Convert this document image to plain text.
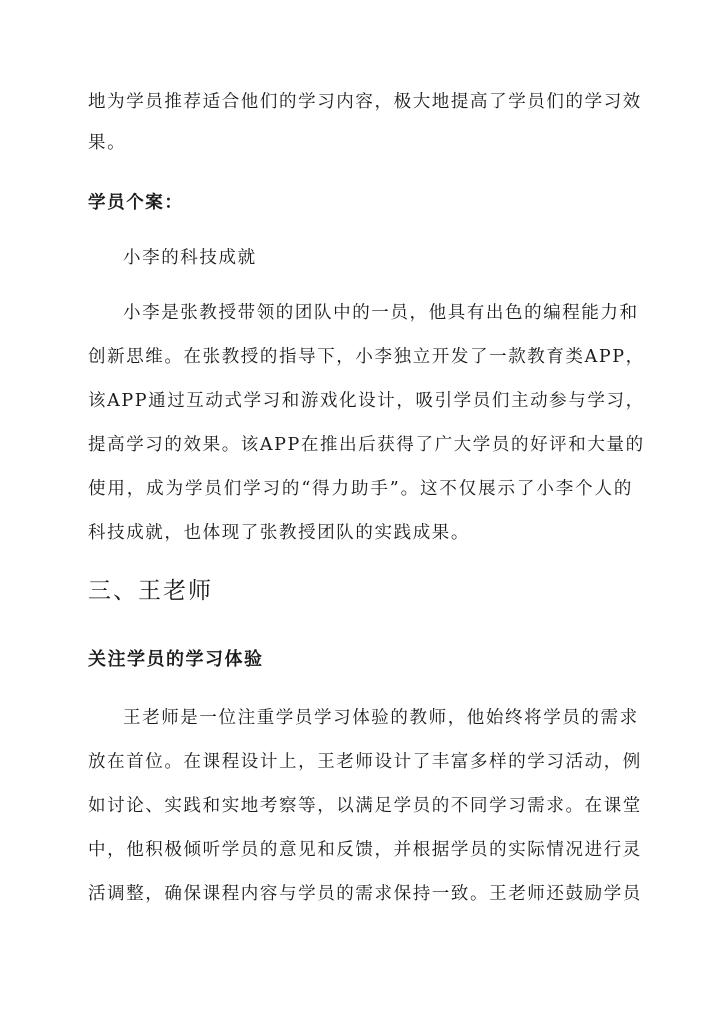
地为学员推荐适合他们的学习内容，极大地提高了学员们的学习效
果。
学员个案：
小李的科技成就
小李是张教授带领的团队中的一员，他具有出色的编程能力和
创新思维。在张教授的指导下，小李独立开发了一款教育类APP，
该APP通过互动式学习和游戏化设计，吸引学员们主动参与学习，
提高学习的效果。该APP在推出后获得了广大学员的好评和大量的
使用，成为学员们学习的“得力助手”。这不仅展示了小李个人的
科技成就，也体现了张教授团队的实践成果。
三、王老师
关注学员的学习体验
王老师是一位注重学员学习体验的教师，他始终将学员的需求
放在首位。在课程设计上，王老师设计了丰富多样的学习活动，例
如讨论、实践和实地考察等，以满足学员的不同学习需求。在课堂
中，他积极倾听学员的意见和反馈，并根据学员的实际情况进行灵
活调整，确保课程内容与学员的需求保持一致。王老师还鼓励学员
